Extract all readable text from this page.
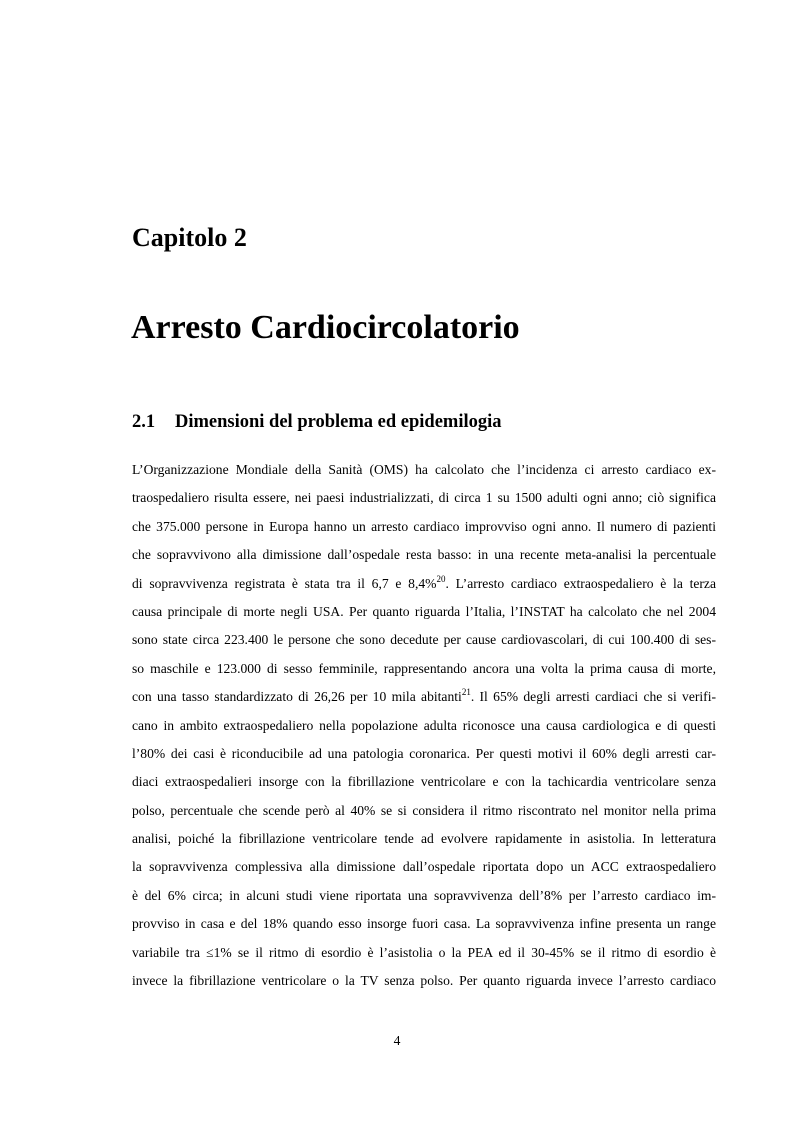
Capitolo 2
Arresto Cardiocircolatorio
2.1 Dimensioni del problema ed epidemilogia
L’Organizzazione Mondiale della Sanità (OMS) ha calcolato che l’incidenza ci arresto cardiaco ex-
traospedaliero risulta essere, nei paesi industrializzati, di circa 1 su 1500 adulti ogni anno; ciò significa
che 375.000 persone in Europa hanno un arresto cardiaco improvviso ogni anno. Il numero di pazienti
che sopravvivono alla dimissione dall’ospedale resta basso: in una recente meta-analisi la percentuale
di sopravvivenza registrata è stata tra il 6,7 e 8,4%$^{20}$. L’arresto cardiaco extraospedaliero è la terza
causa principale di morte negli USA. Per quanto riguarda l’Italia, l’INSTAT ha calcolato che nel 2004
sono state circa 223.400 le persone che sono decedute per cause cardiovascolari, di cui 100.400 di ses-
so maschile e 123.000 di sesso femminile, rappresentando ancora una volta la prima causa di morte,
con una tasso standardizzato di 26,26 per 10 mila abitanti$^{21}$. Il 65% degli arresti cardiaci che si verifi-
cano in ambito extraospedaliero nella popolazione adulta riconosce una causa cardiologica e di questi
l’80% dei casi è riconducibile ad una patologia coronarica. Per questi motivi il 60% degli arresti car-
diaci extraospedalieri insorge con la fibrillazione ventricolare e con la tachicardia ventricolare senza
polso, percentuale che scende però al 40% se si considera il ritmo riscontrato nel monitor nella prima
analisi, poiché la fibrillazione ventricolare tende ad evolvere rapidamente in asistolia. In letteratura
la sopravvivenza complessiva alla dimissione dall’ospedale riportata dopo un ACC extraospedaliero
è del 6% circa; in alcuni studi viene riportata una sopravvivenza dell’8% per l’arresto cardiaco im-
provviso in casa e del 18% quando esso insorge fuori casa. La sopravvivenza infine presenta un range
variabile tra ≤1% se il ritmo di esordio è l’asistolia o la PEA ed il 30-45% se il ritmo di esordio è
invece la fibrillazione ventricolare o la TV senza polso. Per quanto riguarda invece l’arresto cardiaco
4
